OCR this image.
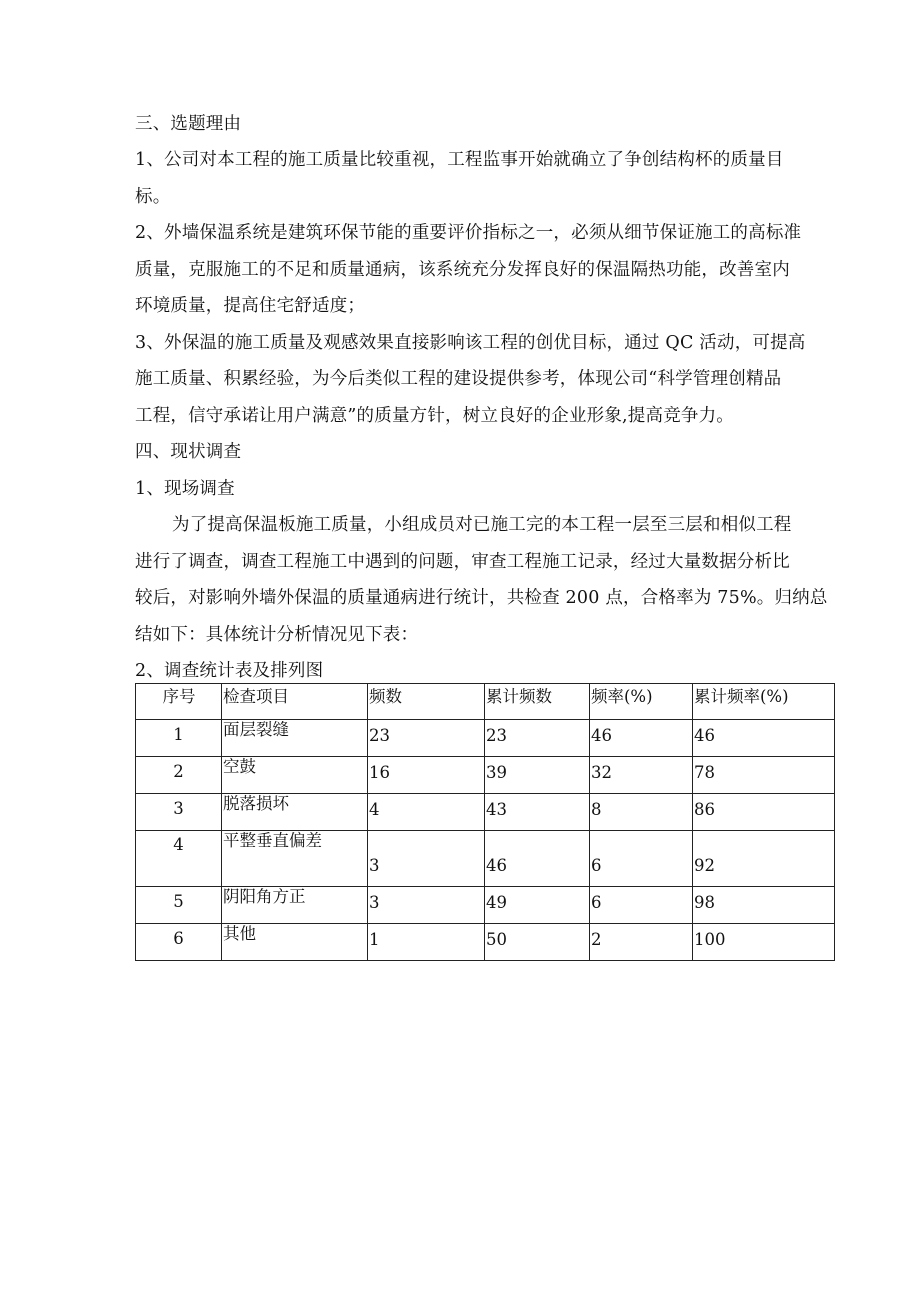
三、选题理由
1、公司对本工程的施工质量比较重视，工程监事开始就确立了争创结构杯的质量目
标。
2、外墙保温系统是建筑环保节能的重要评价指标之一，必须从细节保证施工的高标准
质量，克服施工的不足和质量通病，该系统充分发挥良好的保温隔热功能，改善室内
环境质量，提高住宅舒适度；
3、外保温的施工质量及观感效果直接影响该工程的创优目标，通过 QC 活动，可提高
施工质量、积累经验，为今后类似工程的建设提供参考，体现公司“科学管理创精品
工程，信守承诺让用户满意”的质量方针，树立良好的企业形象,提高竞争力。
四、现状调查
1、现场调查
为了提高保温板施工质量，小组成员对已施工完的本工程一层至三层和相似工程
进行了调查，调查工程施工中遇到的问题，审查工程施工记录，经过大量数据分析比
较后，对影响外墙外保温的质量通病进行统计，共检查 200 点，合格率为 75%。归纳总
结如下：具体统计分析情况见下表：
2、调查统计表及排列图
序号	检查项目	频数	累计频数	频率(%)	累计频率(%)
1	面层裂缝	23	23	46	46
2	空鼓	16	39	32	78
3	脱落损坏	4	43	8	86
4	平整垂直偏差	3	46	6	92
5	阴阳角方正	3	49	6	98
6	其他	1	50	2	100
